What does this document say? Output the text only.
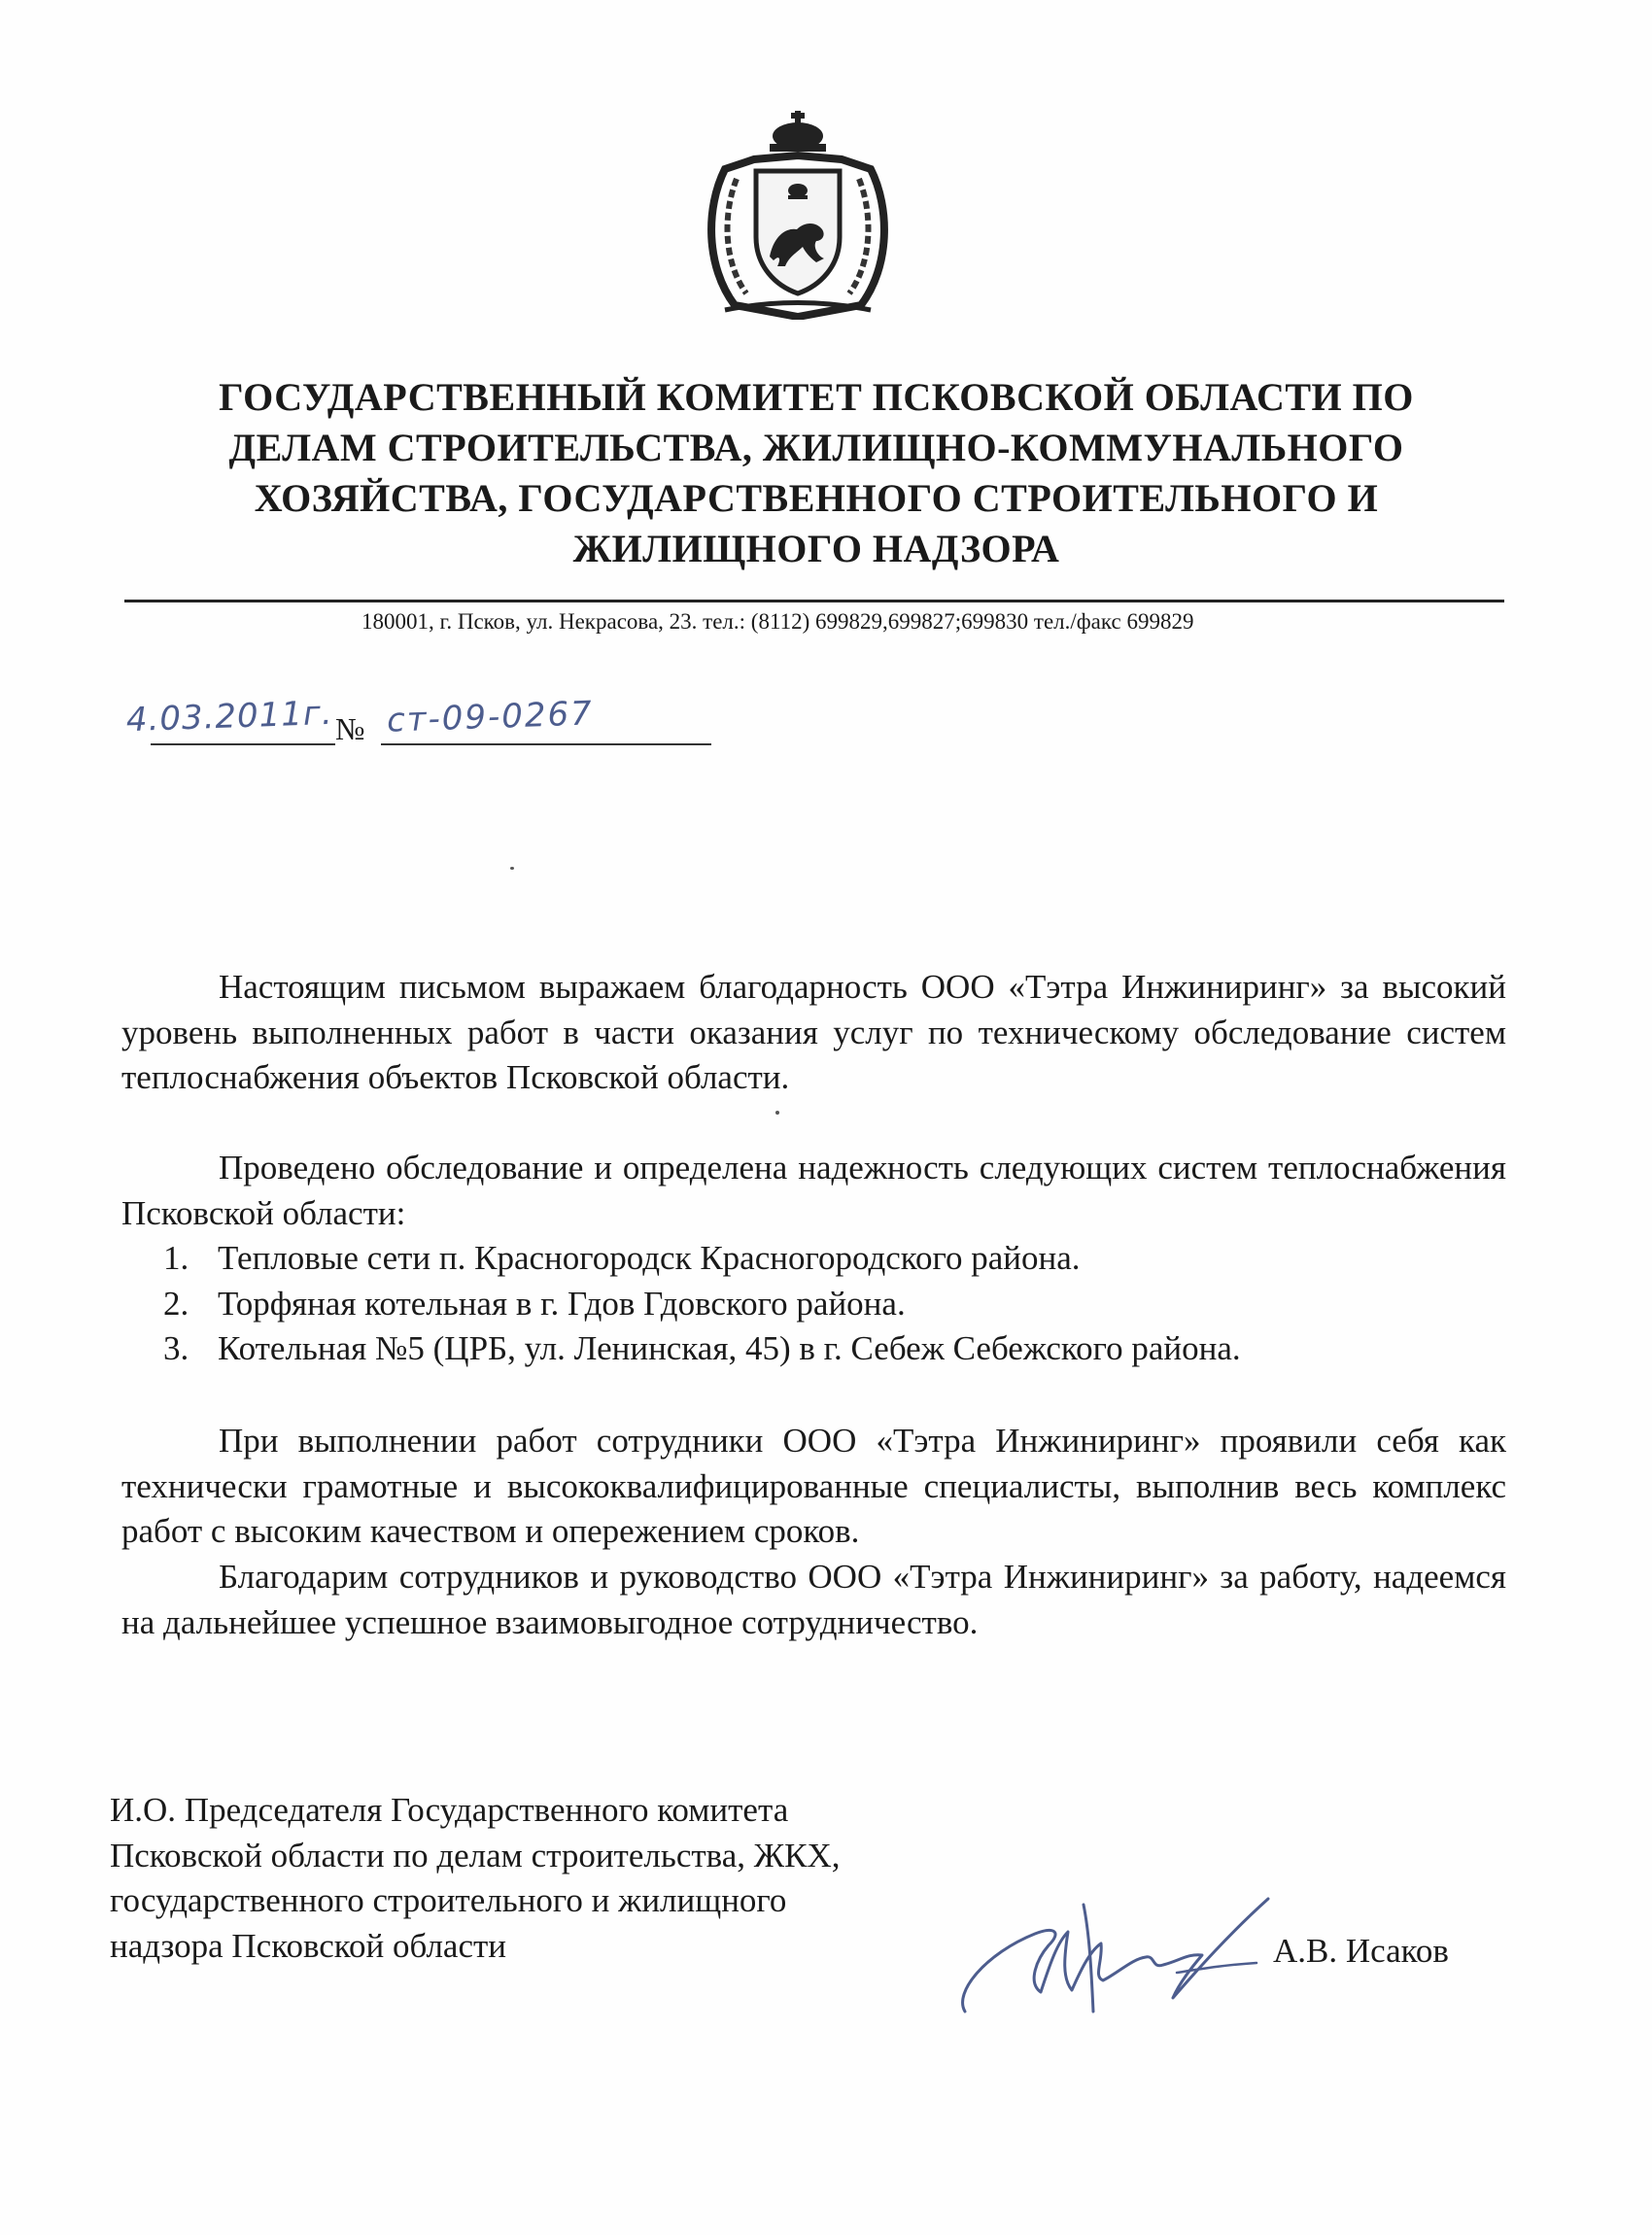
ГОСУДАРСТВЕННЫЙ КОМИТЕТ ПСКОВСКОЙ ОБЛАСТИ ПО
ДЕЛАМ СТРОИТЕЛЬСТВА, ЖИЛИЩНО-КОММУНАЛЬНОГО
ХОЗЯЙСТВА, ГОСУДАРСТВЕННОГО СТРОИТЕЛЬНОГО И
ЖИЛИЩНОГО НАДЗОРА
180001, г. Псков, ул. Некрасова, 23. тел.: (8112) 699829,699827;699830 тел./факс 699829
4.03.2011г. № ст-09-0267
Настоящим письмом выражаем благодарность ООО «Тэтра Инжиниринг» за высокий уровень выполненных работ в части оказания услуг по техническому обследование систем теплоснабжения объектов Псковской области.
Проведено обследование и определена надежность следующих систем теплоснабжения Псковской области:
1. Тепловые сети п. Красногородск Красногородского района.
2. Торфяная котельная в г. Гдов Гдовского района.
3. Котельная №5 (ЦРБ, ул. Ленинская, 45) в г. Себеж Себежского района.
При выполнении работ сотрудники ООО «Тэтра Инжиниринг» проявили себя как технически грамотные и высококвалифицированные специалисты, выполнив весь комплекс работ с высоким качеством и опережением сроков.
Благодарим сотрудников и руководство ООО «Тэтра Инжиниринг» за работу, надеемся на дальнейшее успешное взаимовыгодное сотрудничество.
И.О. Председателя Государственного комитета
Псковской области по делам строительства, ЖКХ,
государственного строительного и жилищного
надзора Псковской области	А.В. Исаков
